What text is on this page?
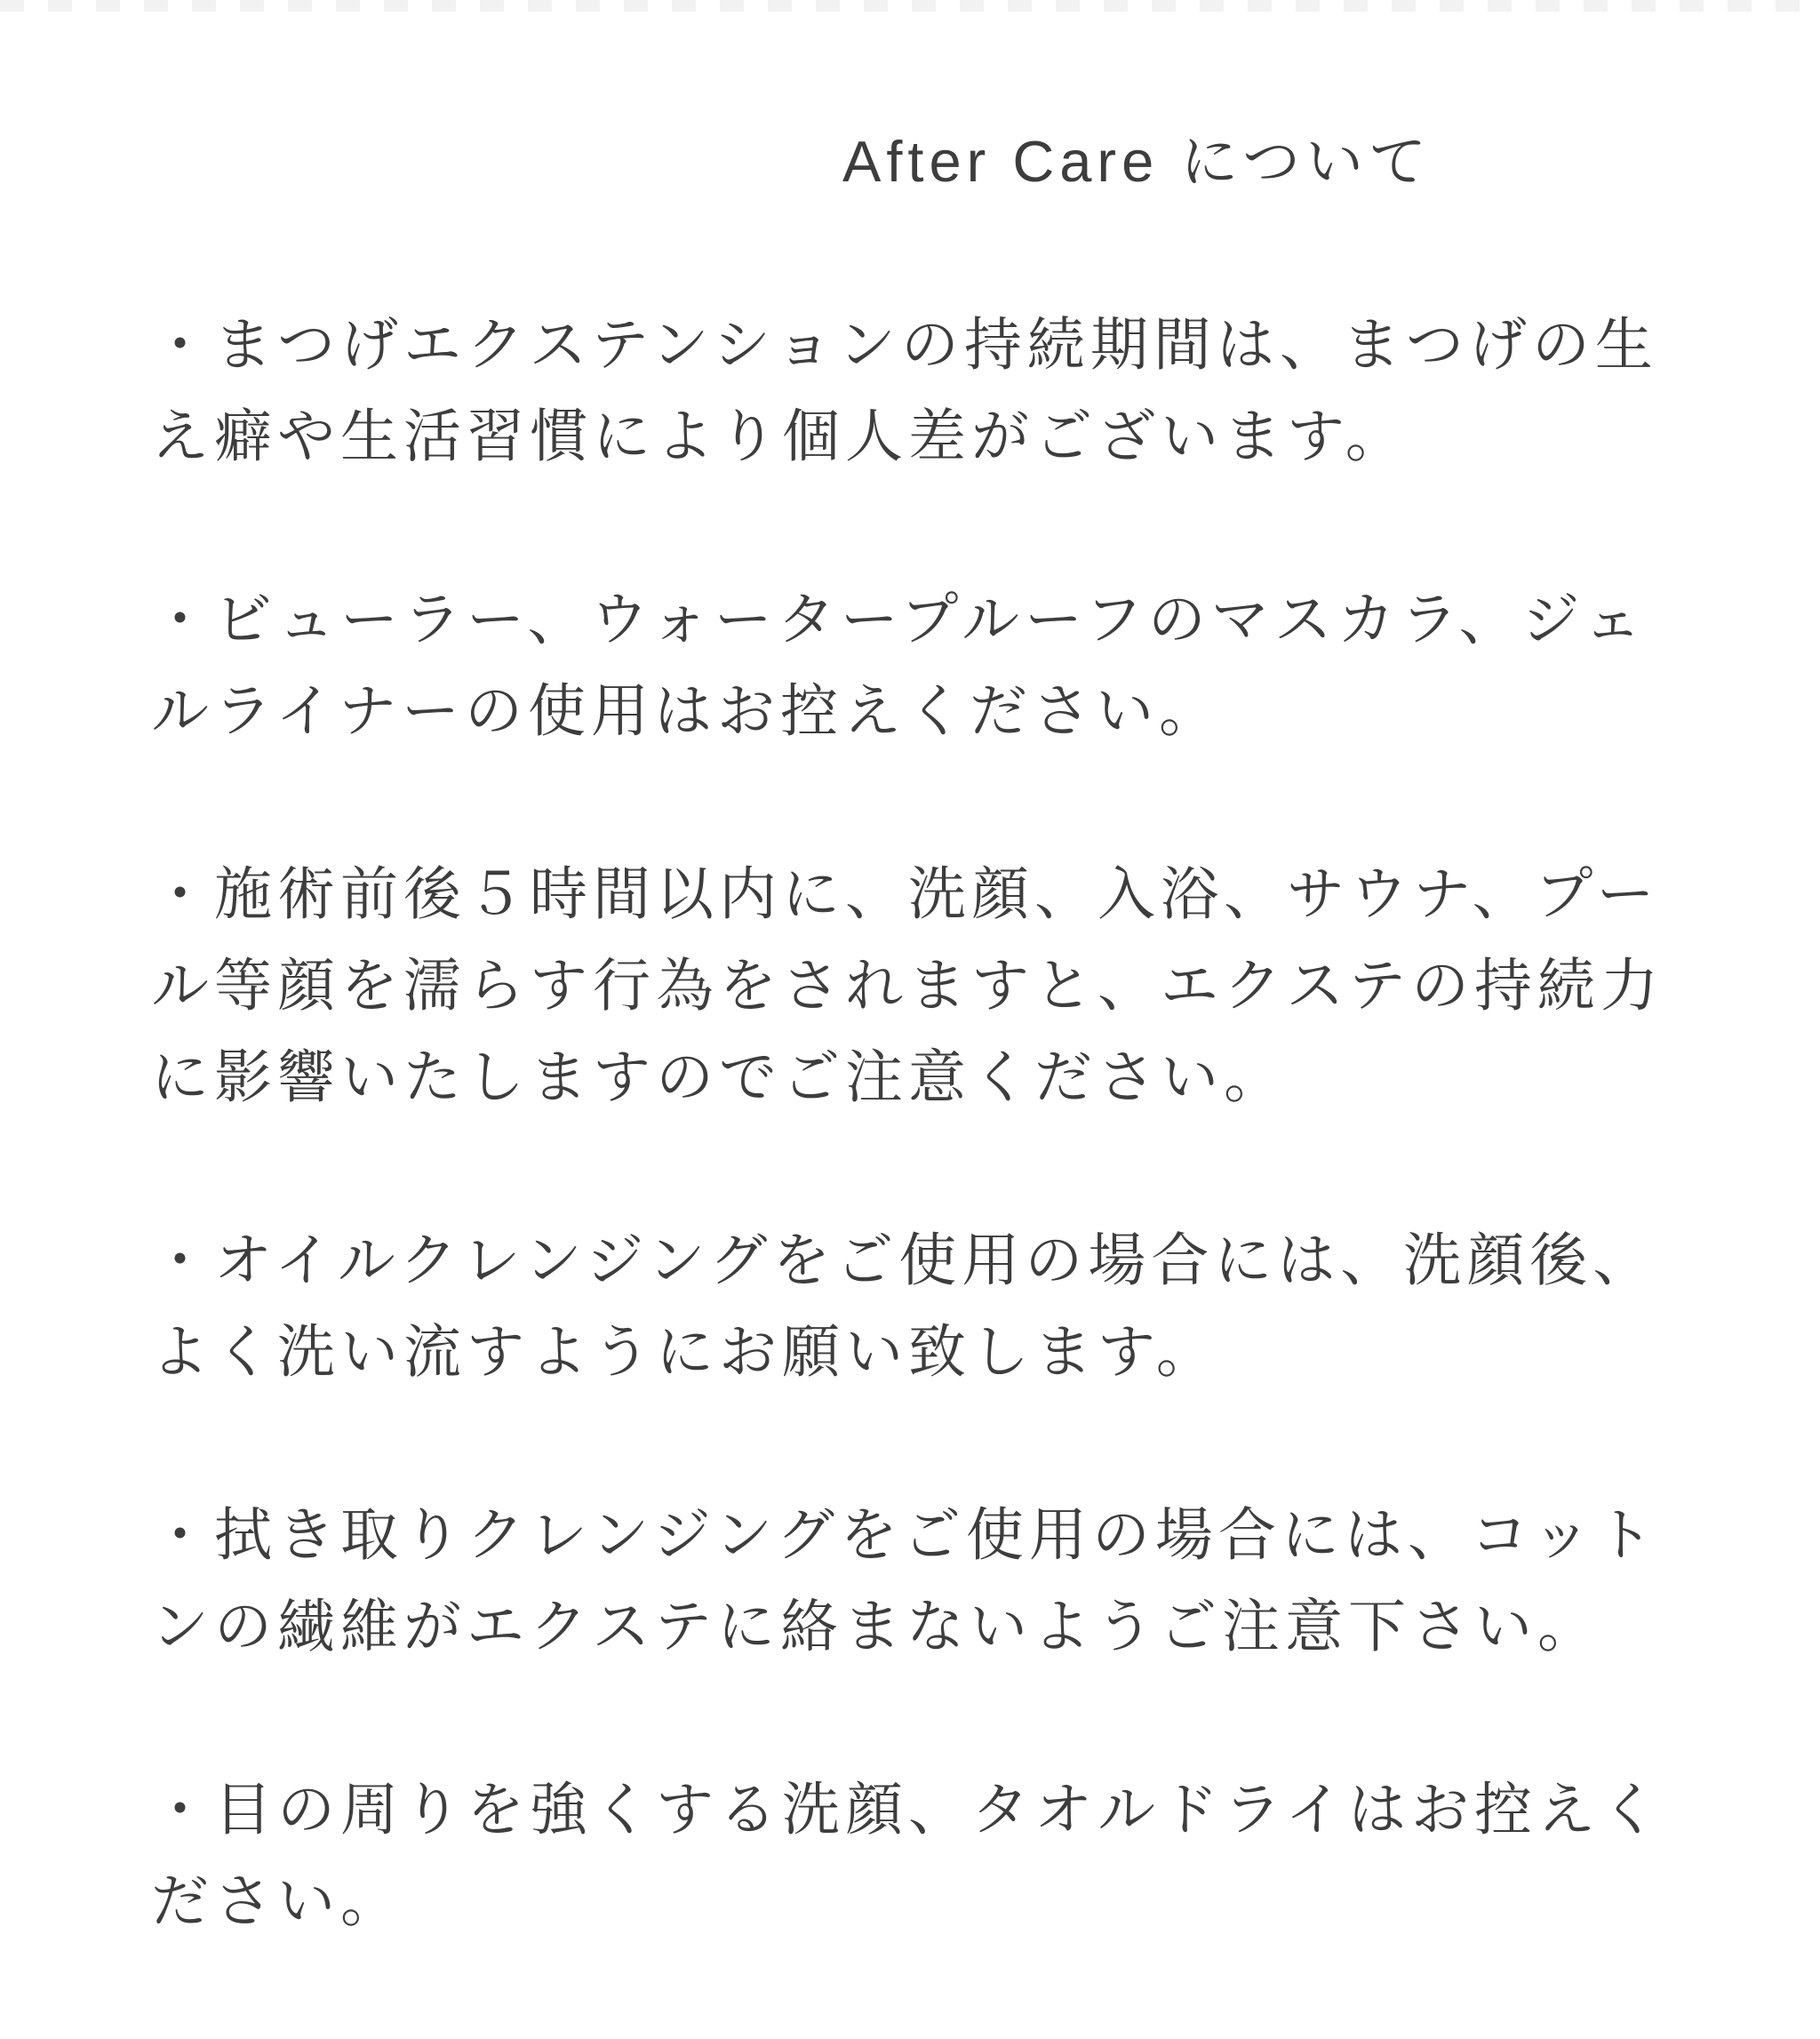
After Care について
・まつげエクステンションの持続期間は、まつげの生
え癖や生活習慣により個人差がございます。
・ビューラー、ウォータープルーフのマスカラ、ジェ
ルライナーの使用はお控えください。
・施術前後５時間以内に、洗顔、入浴、サウナ、プー
ル等顔を濡らす行為をされますと、エクステの持続力
に影響いたしますのでご注意ください。
・オイルクレンジングをご使用の場合には、洗顔後、
よく洗い流すようにお願い致します。
・拭き取りクレンジングをご使用の場合には、コット
ンの繊維がエクステに絡まないようご注意下さい。
・目の周りを強くする洗顔、タオルドライはお控えく
ださい。
